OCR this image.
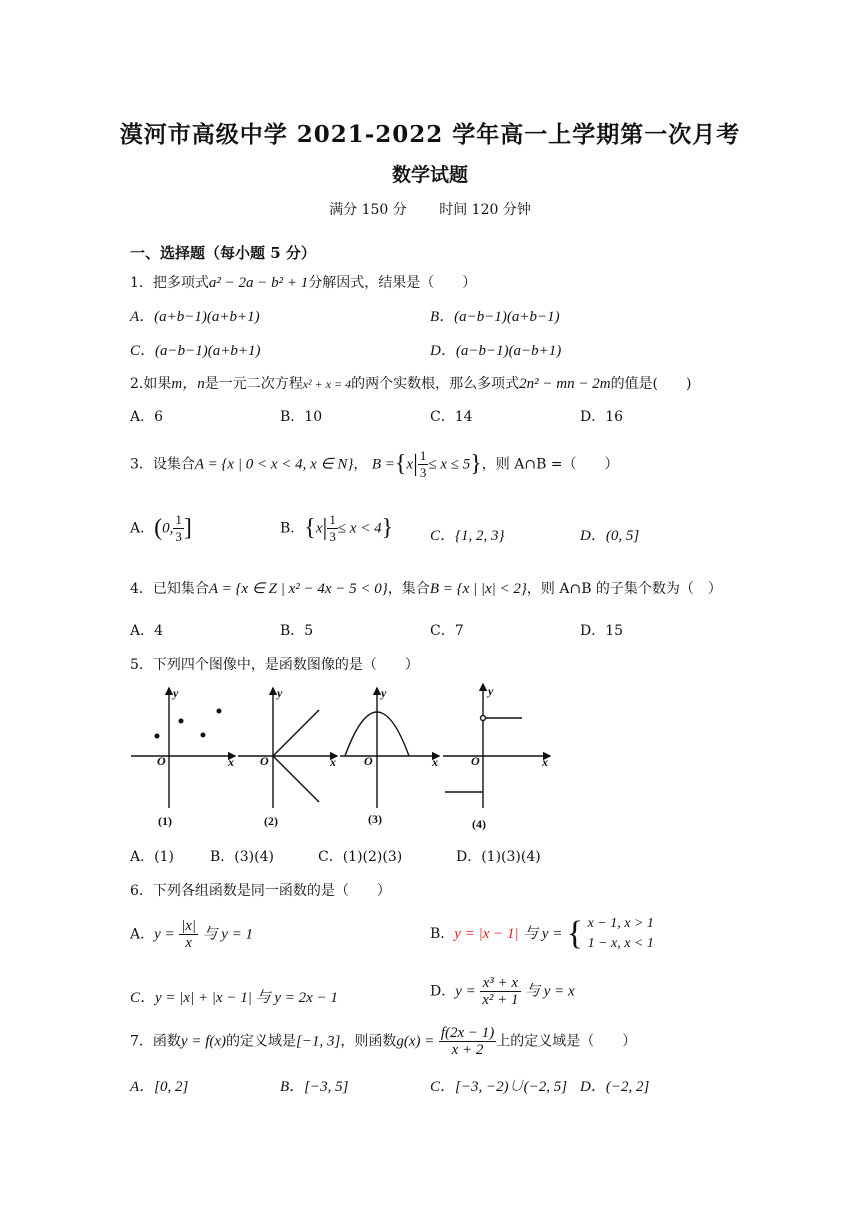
漠河市高级中学 2021-2022 学年高一上学期第一次月考
数学试题
满分 150 分 时间 120 分钟
一、选择题（每小题 5 分）
1．把多项式a² − 2a − b² + 1分解因式，结果是（　　）
A．(a+b−1)(a+b+1)	B．(a−b−1)(a+b−1)
C．(a−b−1)(a+b+1)	D．(a−b−1)(a−b+1)
2.如果m，n是一元二次方程x² + x = 4的两个实数根，那么多项式2n² − mn − 2m的值是(　　)
A．6	B．10	C．14	D．16
3．设集合A = {x | 0 < x < 4, x ∈ N}， $B =\{x| \frac{1}{3} \le x \le 5\}$，则 A∩B =（　　）
A．(0, $\frac{1}{3}$ ]	B．$\{x| \frac{1}{3} \le x < 4\}$ C．{1, 2, 3}	D．(0, 5]
4．已知集合A = {x ∈ Z | x² − 4x − 5 < 0}，集合B = {x | |x| < 2}，则 A∩B 的子集个数为（　）
A．4	B．5	C．7	D．15
5．下列四个图像中，是函数图像的是（　　）
y
x
O
(1)
y
x
O
(2)
y
x
O
(3)
y
x
O
(4)
A．(1)	B．(3)(4)	C．(1)(2)(3)	D．(1)(3)(4)
6．下列各组函数是同一函数的是（　　）
A．$y = \frac{|x|}{x}$ 与 y = 1	B．y = |x − 1| 与 y = { x − 1, x > 1
1 − x, x < 1
C．y = |x| + |x − 1| 与 y = 2x − 1	D．$y = \frac{\text{x³ + x}}{\text{x² + 1}}$ 与 y = x
7．函数y = f(x)的定义域是[−1, 3]，则函数$g(x) = \frac{f(2x - 1)}{x + 2}$ 上的定义域是（　　）
A．[0, 2]	B．[−3, 5]	C．[−3, −2)∪(−2, 5] D．(−2, 2]
